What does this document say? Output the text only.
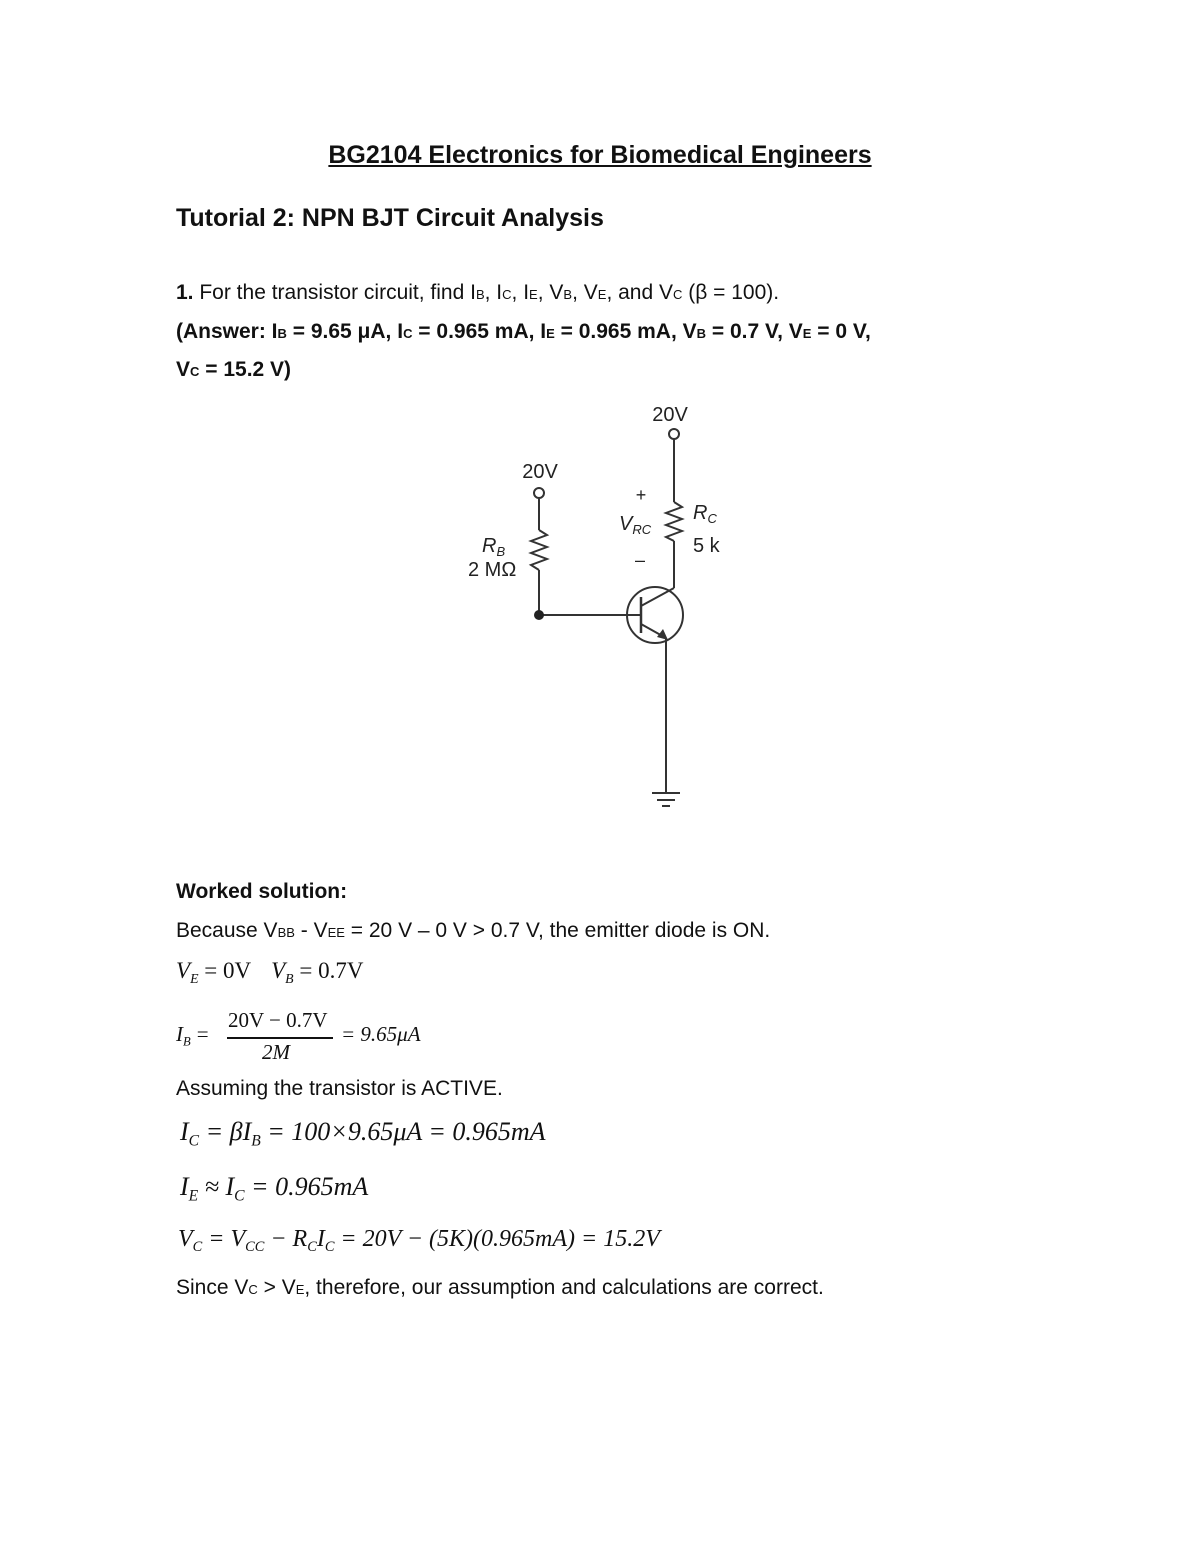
BG2104 Electronics for Biomedical Engineers
Tutorial 2: NPN BJT Circuit Analysis
1. For the transistor circuit, find IB, IC, IE, VB, VE, and VC (β = 100).
(Answer: IB = 9.65 μA, IC = 0.965 mA, IE = 0.965 mA, VB = 0.7 V, VE = 0 V,
VC = 15.2 V)
20V
20V
$R_B$
2 MΩ
$R_C$
5 k
$V_{RC}$
+
–
Worked solution:
Because VBB - VEE = 20 V – 0 V > 0.7 V, the emitter diode is ON.
$V_E = 0V$ $V_B = 0.7V$
$I_B$ =
20V − 0.7V
2M
= 9.65μA
Assuming the transistor is ACTIVE.
$I_C = \beta I_B = 100\times 9.65\mu A = 0.965mA$
$I_E \approx I_C = 0.965mA$
$V_C = V_{CC} - R_CI_C = 20V - (5K)(0.965mA) = 15.2V$
Since VC > VE, therefore, our assumption and calculations are correct.
